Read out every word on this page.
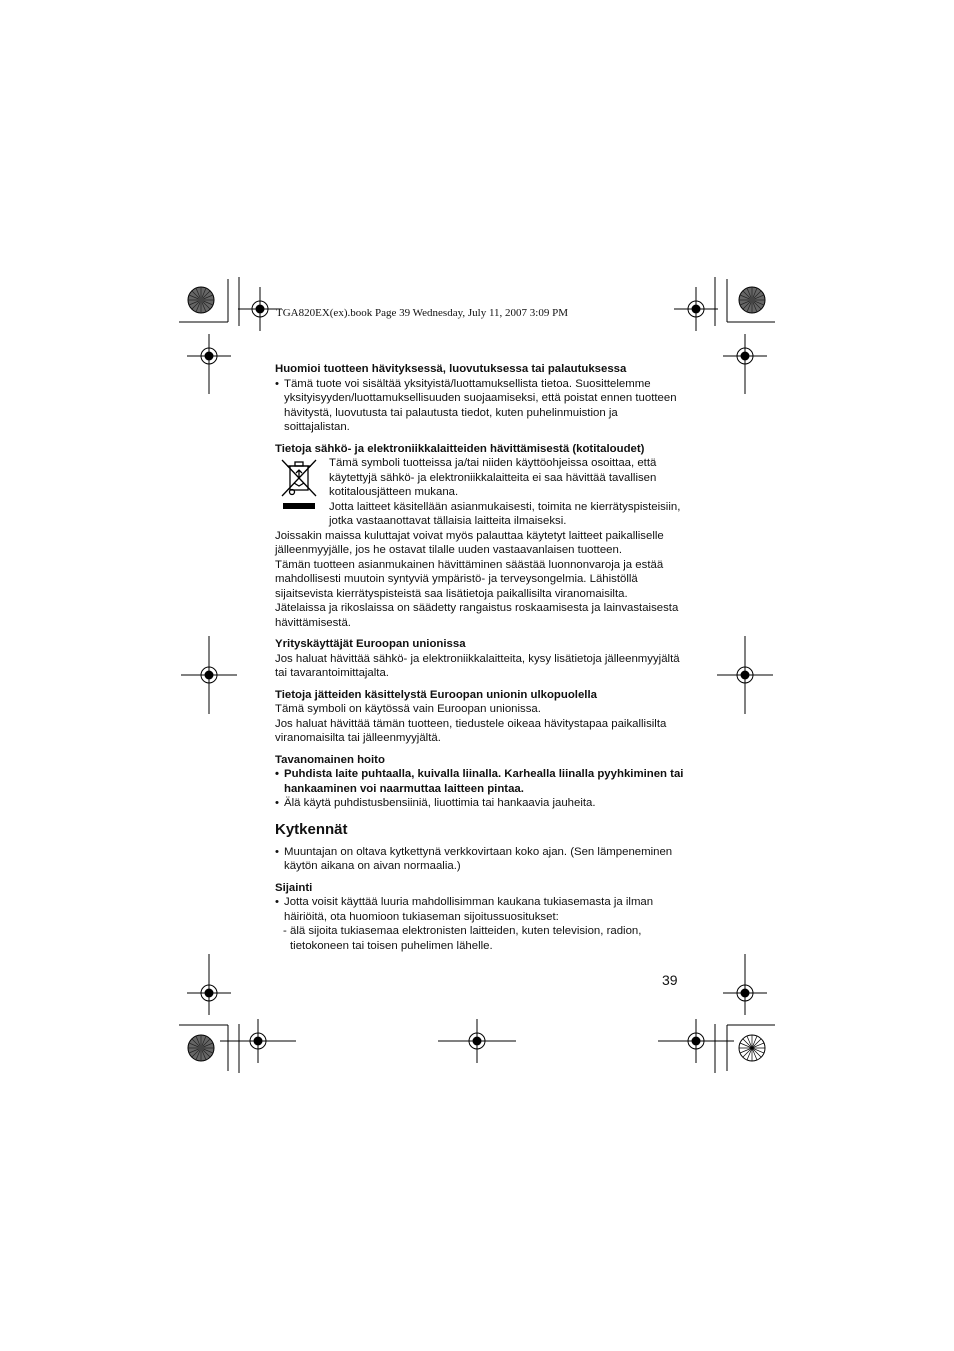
TGA820EX(ex).book Page 39 Wednesday, July 11, 2007 3:09 PM

Huomioi tuotteen hävityksessä, luovutuksessa tai palautuksessa

• Tämä tuote voi sisältää yksityistä/luottamuksellista tietoa. Suosittelemme yksityisyyden/luottamuksellisuuden suojaamiseksi, että poistat ennen tuotteen hävitystä, luovutusta tai palautusta tiedot, kuten puhelinmuistion ja soittajalistan.

Tietoja sähkö- ja elektroniikkalaitteiden hävittämisestä (kotitaloudet)

Tämä symboli tuotteissa ja/tai niiden käyttöohjeissa osoittaa, että käytettyjä sähkö- ja elektroniikkalaitteita ei saa hävittää tavallisen kotitalousjätteen mukana.
Jotta laitteet käsitellään asianmukaisesti, toimita ne kierrätyspisteisiin, jotka vastaanottavat tällaisia laitteita ilmaiseksi.

Joissakin maissa kuluttajat voivat myös palauttaa käytetyt laitteet paikalliselle jälleenmyyjälle, jos he ostavat tilalle uuden vastaavanlaisen tuotteen.
Tämän tuotteen asianmukainen hävittäminen säästää luonnonvaroja ja estää mahdollisesti muutoin syntyviä ympäristö- ja terveysongelmia. Lähistöllä sijaitsevista kierrätyspisteistä saa lisätietoja paikallisilta viranomaisilta.
Jätelaissa ja rikoslaissa on säädetty rangaistus roskaamisesta ja lainvastaisesta hävittämisestä.

Yrityskäyttäjät Euroopan unionissa

Jos haluat hävittää sähkö- ja elektroniikkalaitteita, kysy lisätietoja jälleenmyyjältä tai tavarantoimittajalta.

Tietoja jätteiden käsittelystä Euroopan unionin ulkopuolella

Tämä symboli on käytössä vain Euroopan unionissa.
Jos haluat hävittää tämän tuotteen, tiedustele oikeaa hävitystapaa paikallisilta viranomaisilta tai jälleenmyyjältä.

Tavanomainen hoito

• Puhdista laite puhtaalla, kuivalla liinalla. Karhealla liinalla pyyhkiminen tai hankaaminen voi naarmuttaa laitteen pintaa.

• Älä käytä puhdistusbensiiniä, liuottimia tai hankaavia jauheita.

Kytkennät

• Muuntajan on oltava kytkettynä verkkovirtaan koko ajan. (Sen lämpeneminen käytön aikana on aivan normaalia.)

Sijainti

• Jotta voisit käyttää luuria mahdollisimman kaukana tukiasemasta ja ilman häiriöitä, ota huomioon tukiaseman sijoitussuositukset:

- älä sijoita tukiasemaa elektronisten laitteiden, kuten television, radion, tietokoneen tai toisen puhelimen lähelle.

39
